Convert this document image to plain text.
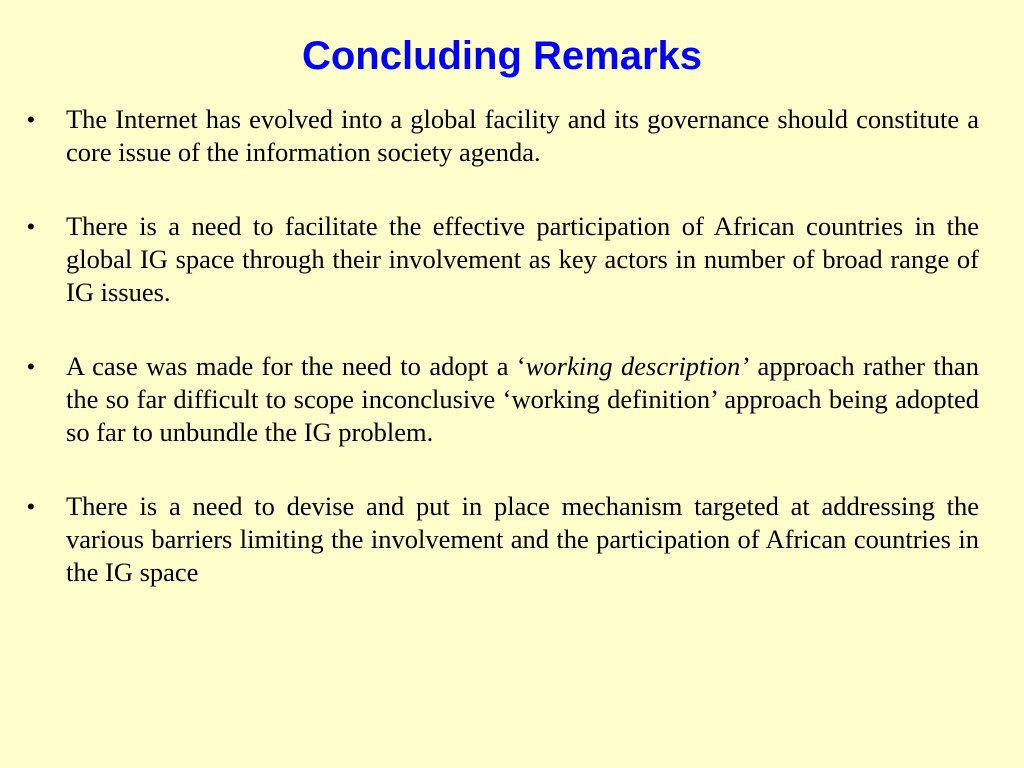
Concluding Remarks
•	The Internet has evolved into a global facility and its governance should constitute a core issue of the information society agenda.
•	There is a need to facilitate the effective participation of African countries in the global IG space through their involvement as key actors in number of broad range of IG issues.
•	A case was made for the need to adopt a ‘working description’ approach rather than the so far difficult to scope inconclusive ‘working definition’ approach being adopted so far to unbundle the IG problem.
•	There is a need to devise and put in place mechanism targeted at addressing the various barriers limiting the involvement and the participation of African countries in the IG space
